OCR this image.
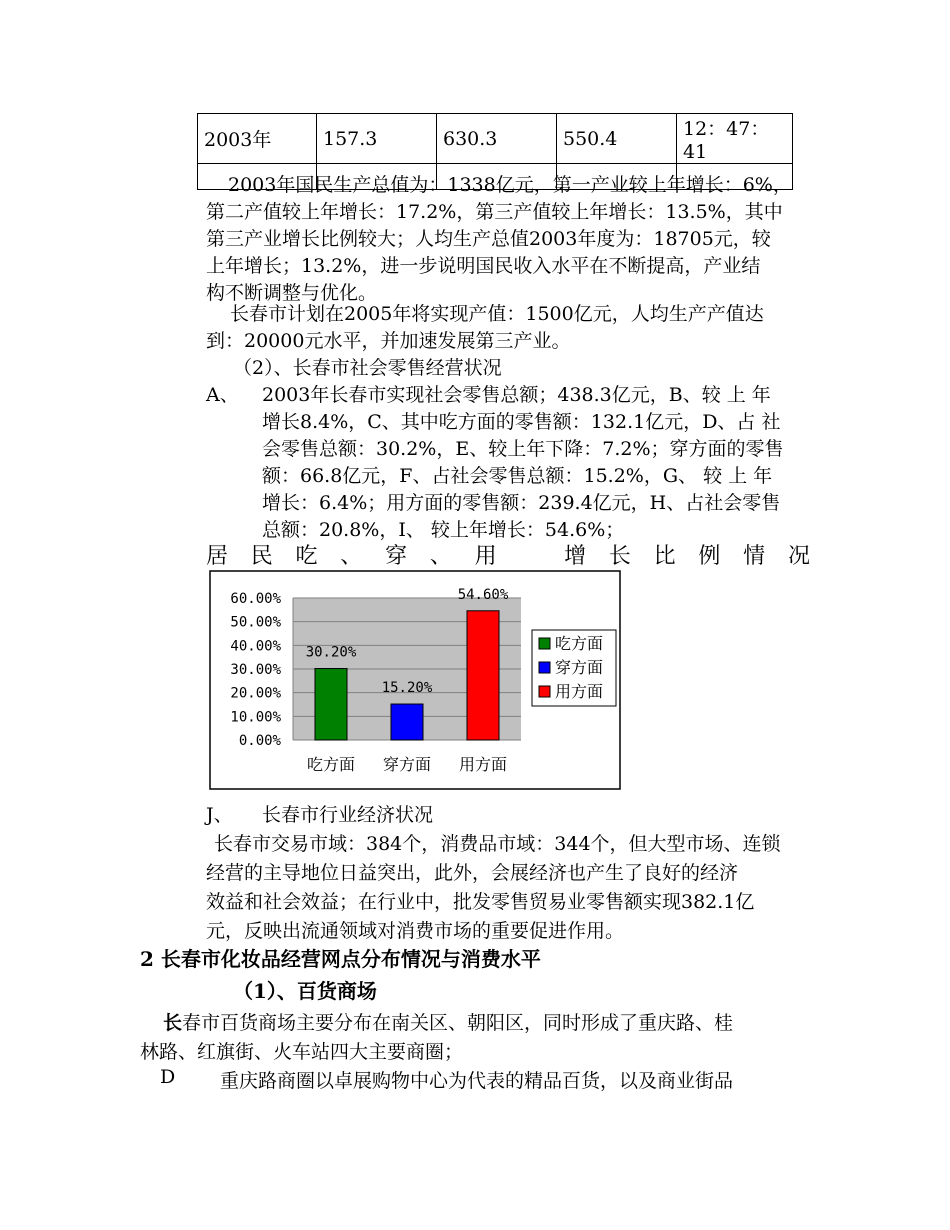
2003年	157.3	630.3	550.4	12：47：41

2003年国民生产总值为：1338亿元，第一产业较上年增长：6%，
第二产值较上年增长：17.2%，第三产值较上年增长：13.5%，其中
第三产业增长比例较大；人均生产总值2003年度为：18705元，较
上年增长；13.2%，进一步说明国民收入水平在不断提高，产业结
构不断调整与优化。
长春市计划在2005年将实现产值：1500亿元，人均生产产值达
到：20000元水平，并加速发展第三产业。
（2）、长春市社会零售经营状况
A、 2003年长春市实现社会零售总额；438.3亿元，B、较 上 年
增长8.4%，C、其中吃方面的零售额：132.1亿元，D、占 社
会零售总额：30.2%，E、较上年下降：7.2%；穿方面的零售
额：66.8亿元，F、占社会零售总额：15.2%，G、 较 上 年
增长：6.4%；用方面的零售额：239.4亿元，H、占社会零售
总额：20.8%，I、 较上年增长：54.6%；
居 民 吃 、 穿 、 用	增 长 比 例 情 况
0.00%
10.00%
20.00%
30.00%
40.00%
50.00%
60.00%
吃方面 穿方面 用方面
30.20%
15.20%
54.60%
吃方面
穿方面
用方面
J、 长春市行业经济状况
长春市交易市域：384个，消费品市域：344个，但大型市场、连锁
经营的主导地位日益突出，此外，会展经济也产生了良好的经济
效益和社会效益；在行业中，批发零售贸易业零售额实现382.1亿
元，反映出流通领域对消费市场的重要促进作用。
2 长春市化妆品经营网点分布情况与消费水平
（1）、百货商场
长春市百货商场主要分布在南关区、朝阳区，同时形成了重庆路、桂
林路、红旗街、火车站四大主要商圈；
D 重庆路商圈以卓展购物中心为代表的精品百货，以及商业街品
